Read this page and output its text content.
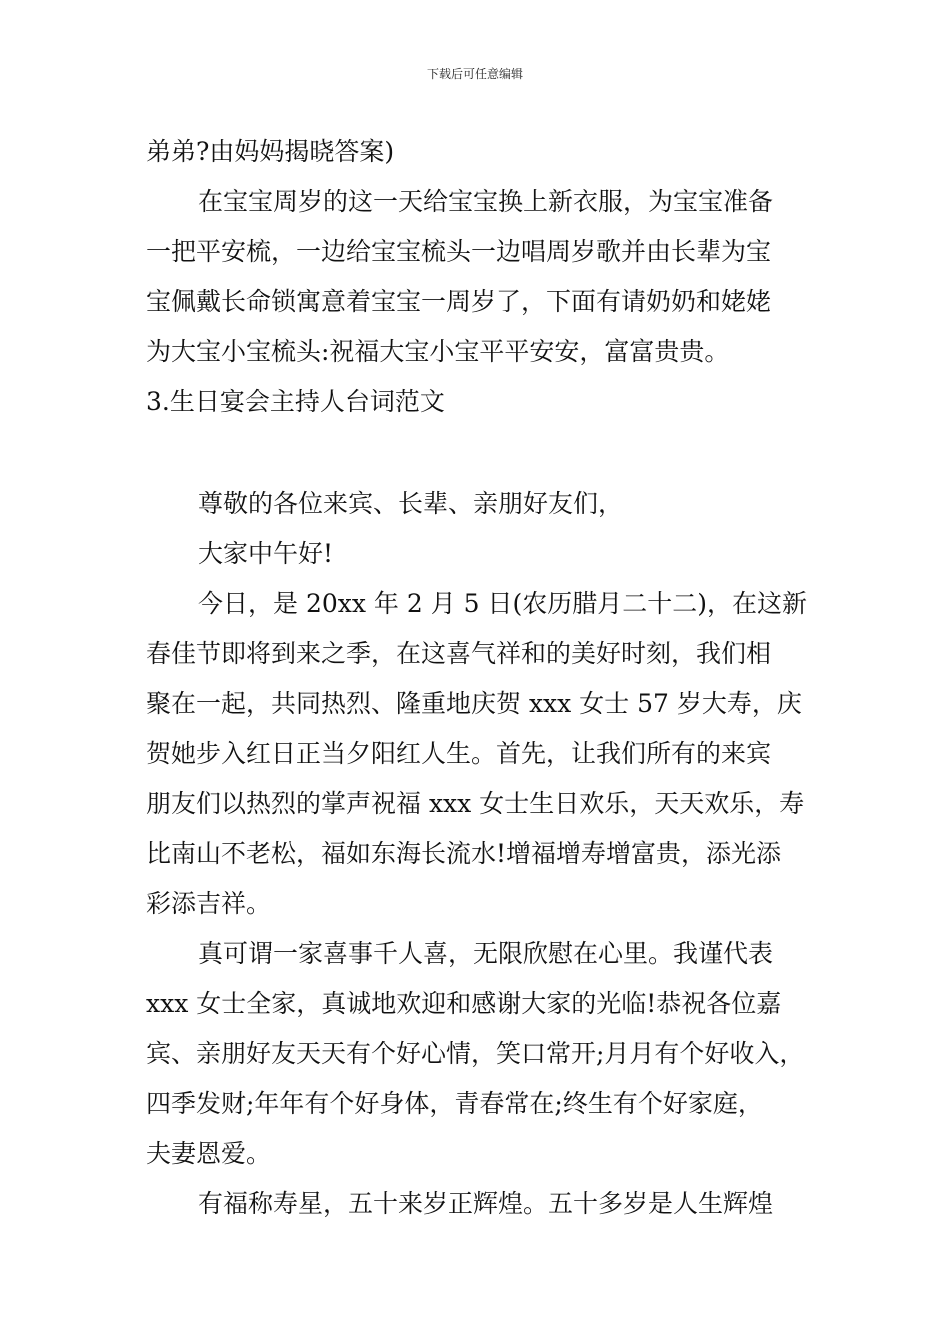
下载后可任意编辑
弟弟?由妈妈揭晓答案)
在宝宝周岁的这一天给宝宝换上新衣服，为宝宝准备
一把平安梳，一边给宝宝梳头一边唱周岁歌并由长辈为宝
宝佩戴长命锁寓意着宝宝一周岁了，下面有请奶奶和姥姥
为大宝小宝梳头:祝福大宝小宝平平安安，富富贵贵。
3.生日宴会主持人台词范文
尊敬的各位来宾、长辈、亲朋好友们，
大家中午好!
今日，是 20xx 年 2 月 5 日(农历腊月二十二)，在这新
春佳节即将到来之季，在这喜气祥和的美好时刻，我们相
聚在一起，共同热烈、隆重地庆贺 xxx 女士 57 岁大寿，庆
贺她步入红日正当夕阳红人生。首先，让我们所有的来宾
朋友们以热烈的掌声祝福 xxx 女士生日欢乐，天天欢乐，寿
比南山不老松，福如东海长流水!增福增寿增富贵，添光添
彩添吉祥。
真可谓一家喜事千人喜，无限欣慰在心里。我谨代表
xxx 女士全家，真诚地欢迎和感谢大家的光临!恭祝各位嘉
宾、亲朋好友天天有个好心情，笑口常开;月月有个好收入，
四季发财;年年有个好身体，青春常在;终生有个好家庭，
夫妻恩爱。
有福称寿星，五十来岁正辉煌。五十多岁是人生辉煌
